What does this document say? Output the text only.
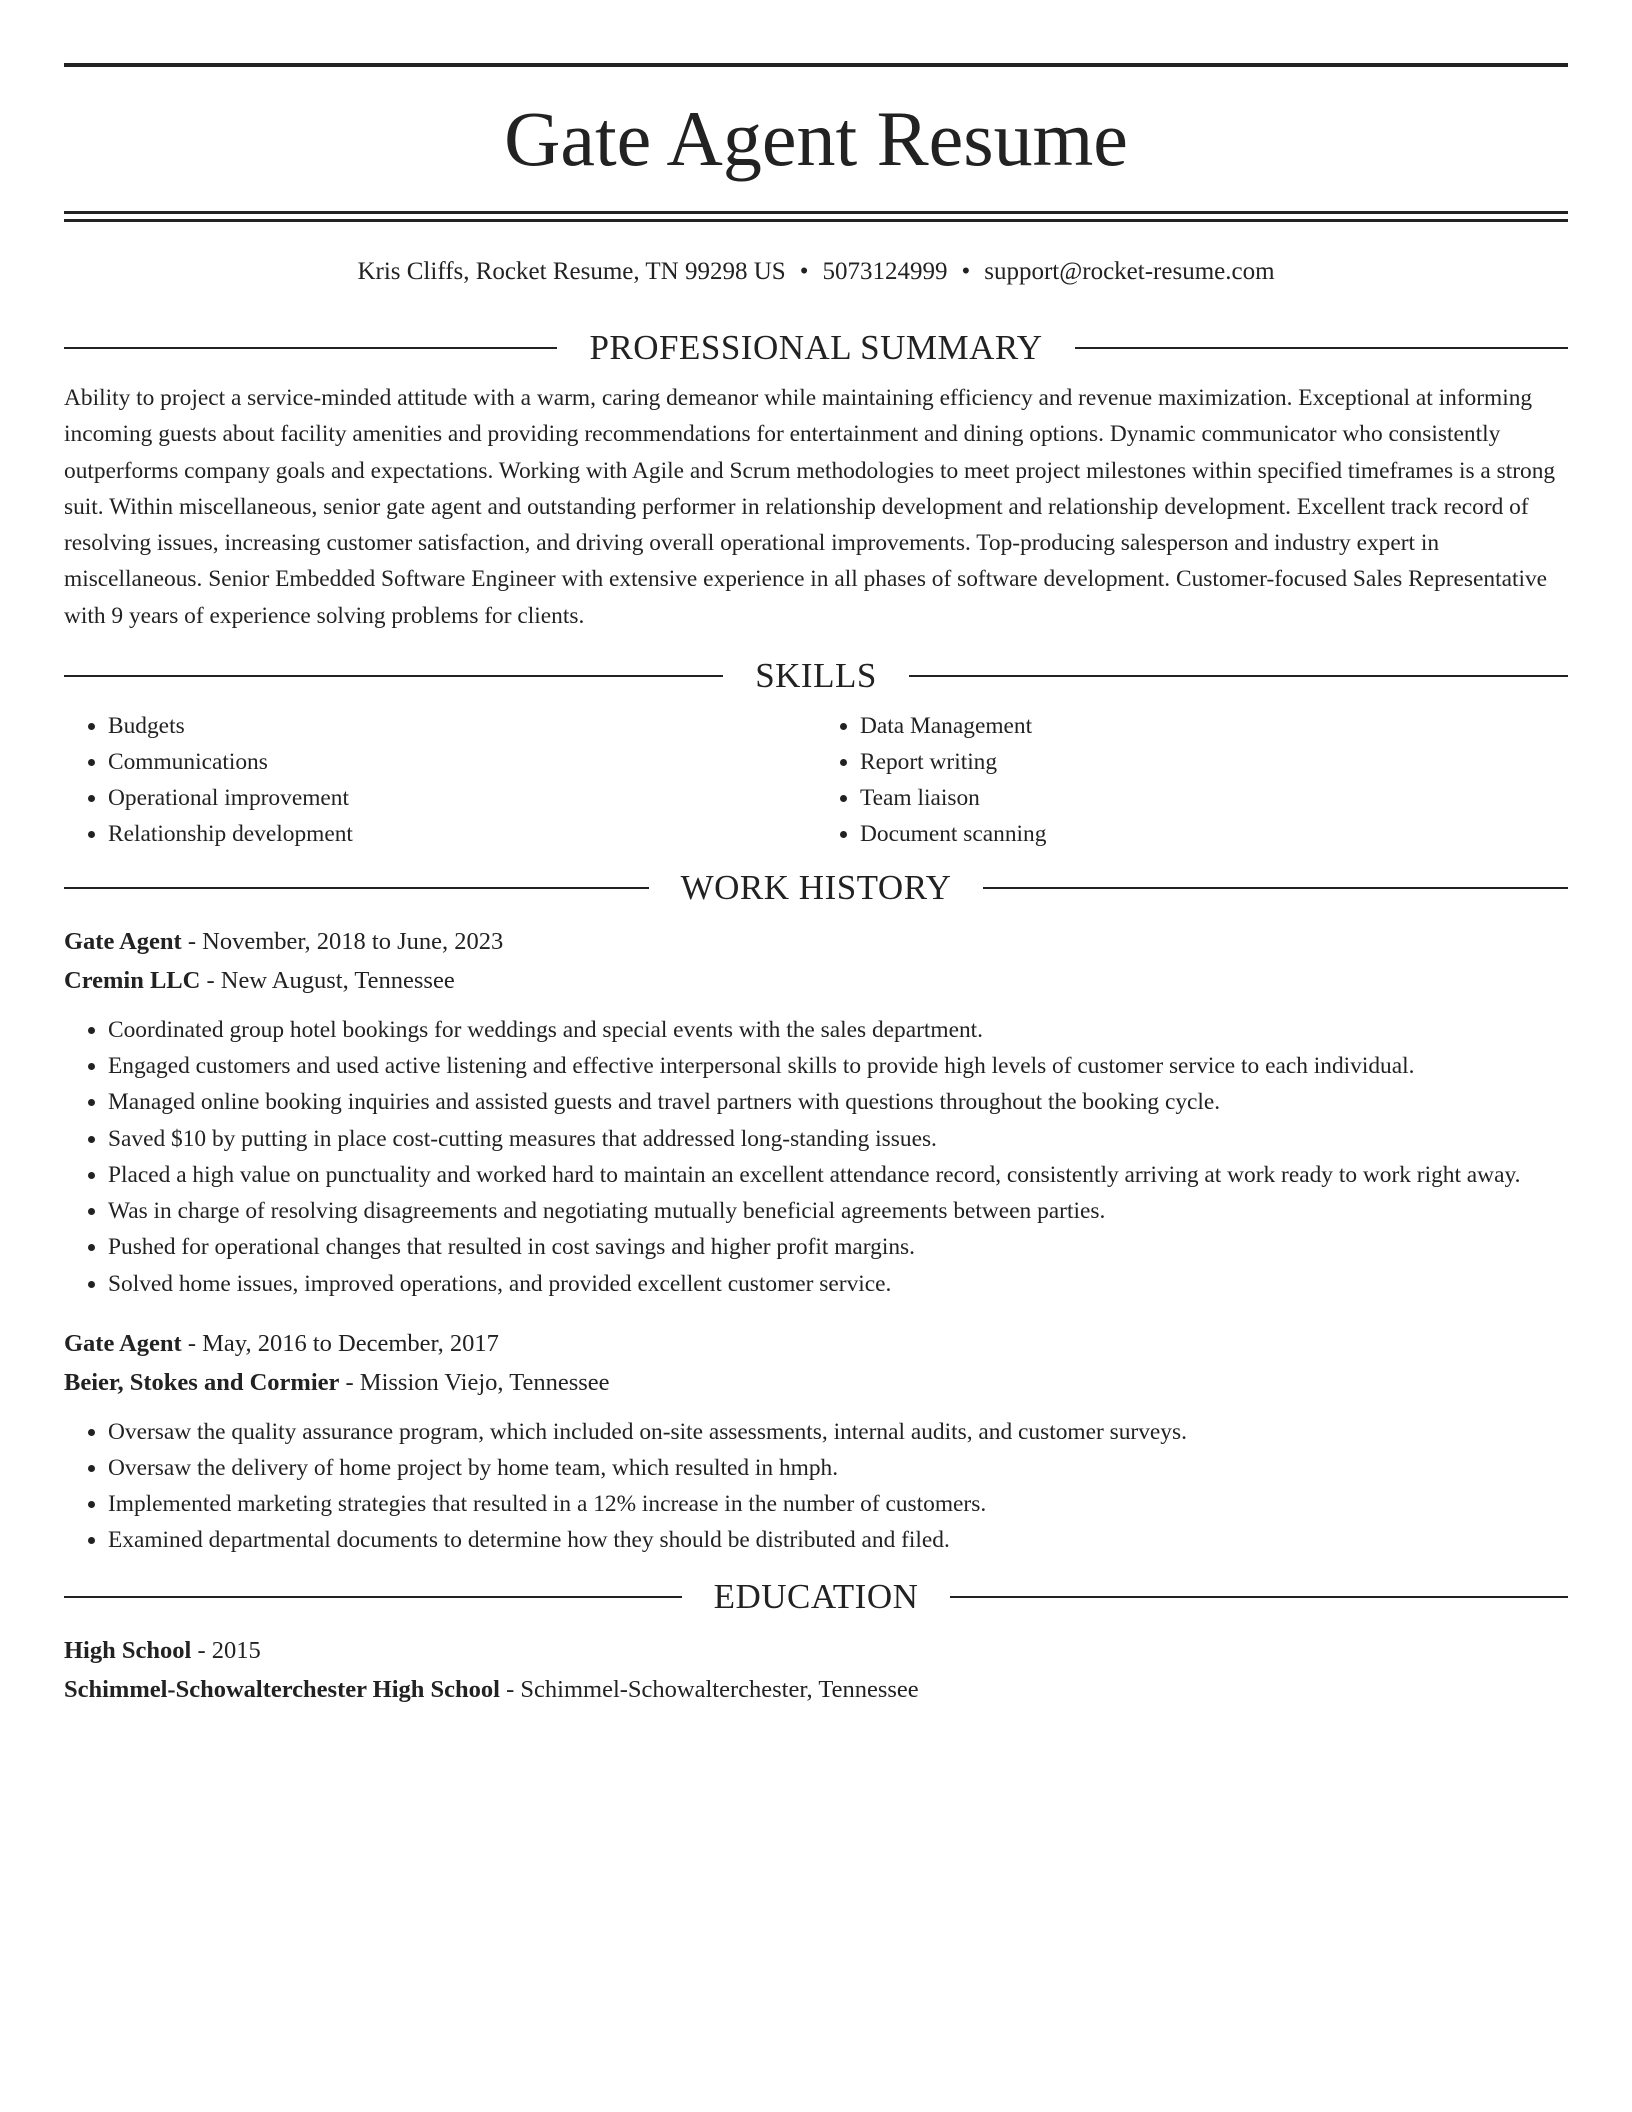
Gate Agent Resume
Kris Cliffs, Rocket Resume, TN 99298 US • 5073124999 • support@rocket-resume.com
PROFESSIONAL SUMMARY

Ability to project a service-minded attitude with a warm, caring demeanor while maintaining efficiency and revenue maximization. Exceptional at informing incoming guests about facility amenities and providing recommendations for entertainment and dining options. Dynamic communicator who consistently outperforms company goals and expectations. Working with Agile and Scrum methodologies to meet project milestones within specified timeframes is a strong suit. Within miscellaneous, senior gate agent and outstanding performer in relationship development and relationship development. Excellent track record of resolving issues, increasing customer satisfaction, and driving overall operational improvements. Top-producing salesperson and industry expert in miscellaneous. Senior Embedded Software Engineer with extensive experience in all phases of software development. Customer-focused Sales Representative with 9 years of experience solving problems for clients.

SKILLS
• Budgets
• Communications
• Operational improvement
• Relationship development
• Data Management
• Report writing
• Team liaison
• Document scanning
WORK HISTORY
Gate Agent - November, 2018 to June, 2023
Cremin LLC - New August, Tennessee
• Coordinated group hotel bookings for weddings and special events with the sales department.
• Engaged customers and used active listening and effective interpersonal skills to provide high levels of customer service to each individual.
• Managed online booking inquiries and assisted guests and travel partners with questions throughout the booking cycle.
• Saved $10 by putting in place cost-cutting measures that addressed long-standing issues.
• Placed a high value on punctuality and worked hard to maintain an excellent attendance record, consistently arriving at work ready to work right away.
• Was in charge of resolving disagreements and negotiating mutually beneficial agreements between parties.
• Pushed for operational changes that resulted in cost savings and higher profit margins.
• Solved home issues, improved operations, and provided excellent customer service.
Gate Agent - May, 2016 to December, 2017
Beier, Stokes and Cormier - Mission Viejo, Tennessee
• Oversaw the quality assurance program, which included on-site assessments, internal audits, and customer surveys.
• Oversaw the delivery of home project by home team, which resulted in hmph.
• Implemented marketing strategies that resulted in a 12% increase in the number of customers.
• Examined departmental documents to determine how they should be distributed and filed.
EDUCATION
High School - 2015
Schimmel-Schowalterchester High School - Schimmel-Schowalterchester, Tennessee
